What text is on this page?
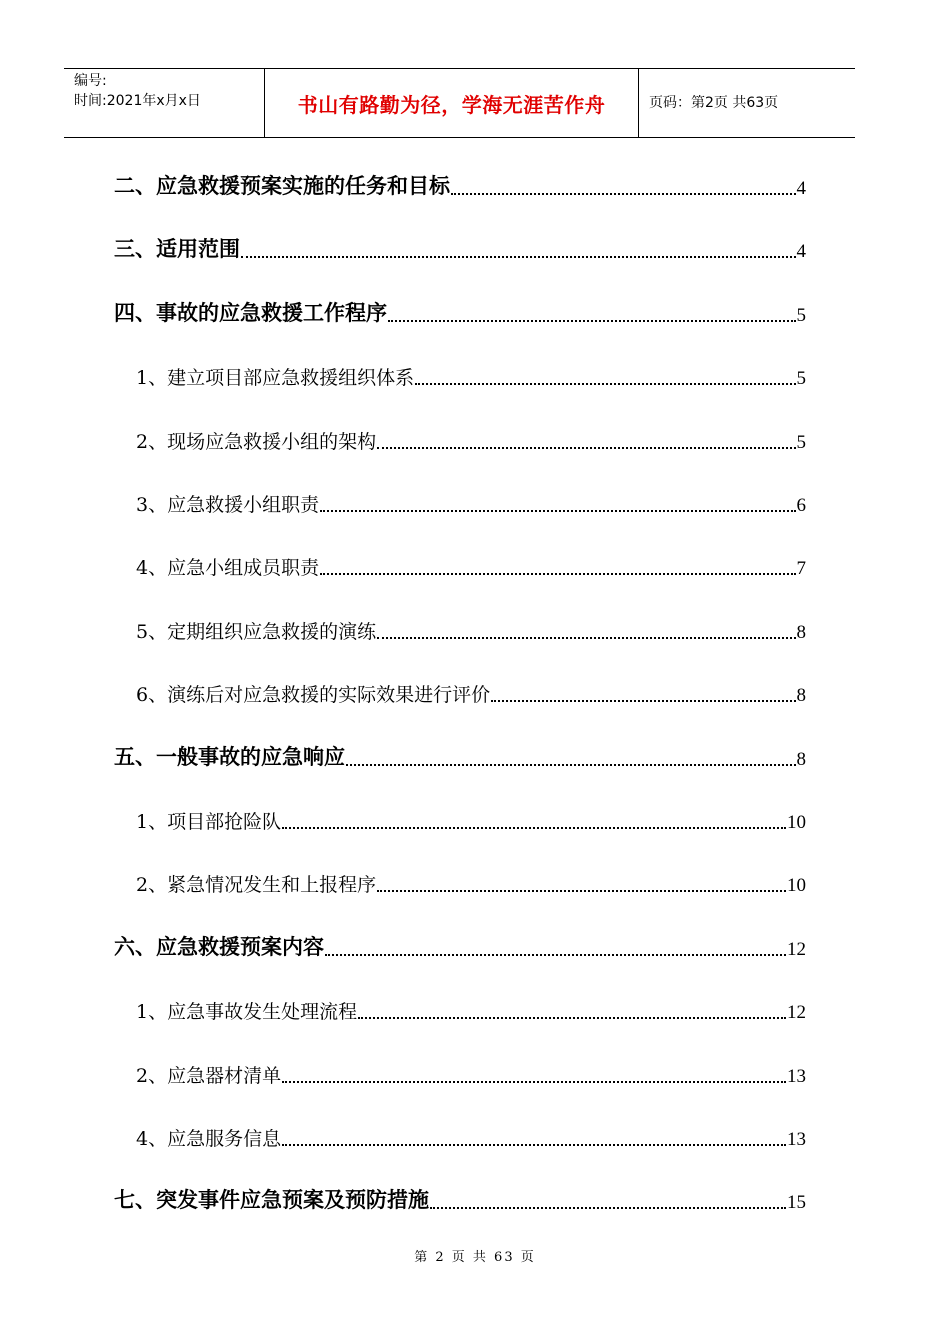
编号:
时间:2021年x月x日	书山有路勤为径，学海无涯苦作舟	页码：第2页 共63页
二、应急救援预案实施的任务和目标	4
三、适用范围	4
四、事故的应急救援工作程序	5
1、建立项目部应急救援组织体系	5
2、现场应急救援小组的架构	5
3、应急救援小组职责	6
4、应急小组成员职责	7
5、定期组织应急救援的演练	8
6、演练后对应急救援的实际效果进行评价	8
五、一般事故的应急响应	8
1、项目部抢险队	10
2、紧急情况发生和上报程序	10
六、应急救援预案内容	12
1、应急事故发生处理流程	12
2、应急器材清单	13
4、应急服务信息	13
七、突发事件应急预案及预防措施	15
第 2 页 共 63 页
